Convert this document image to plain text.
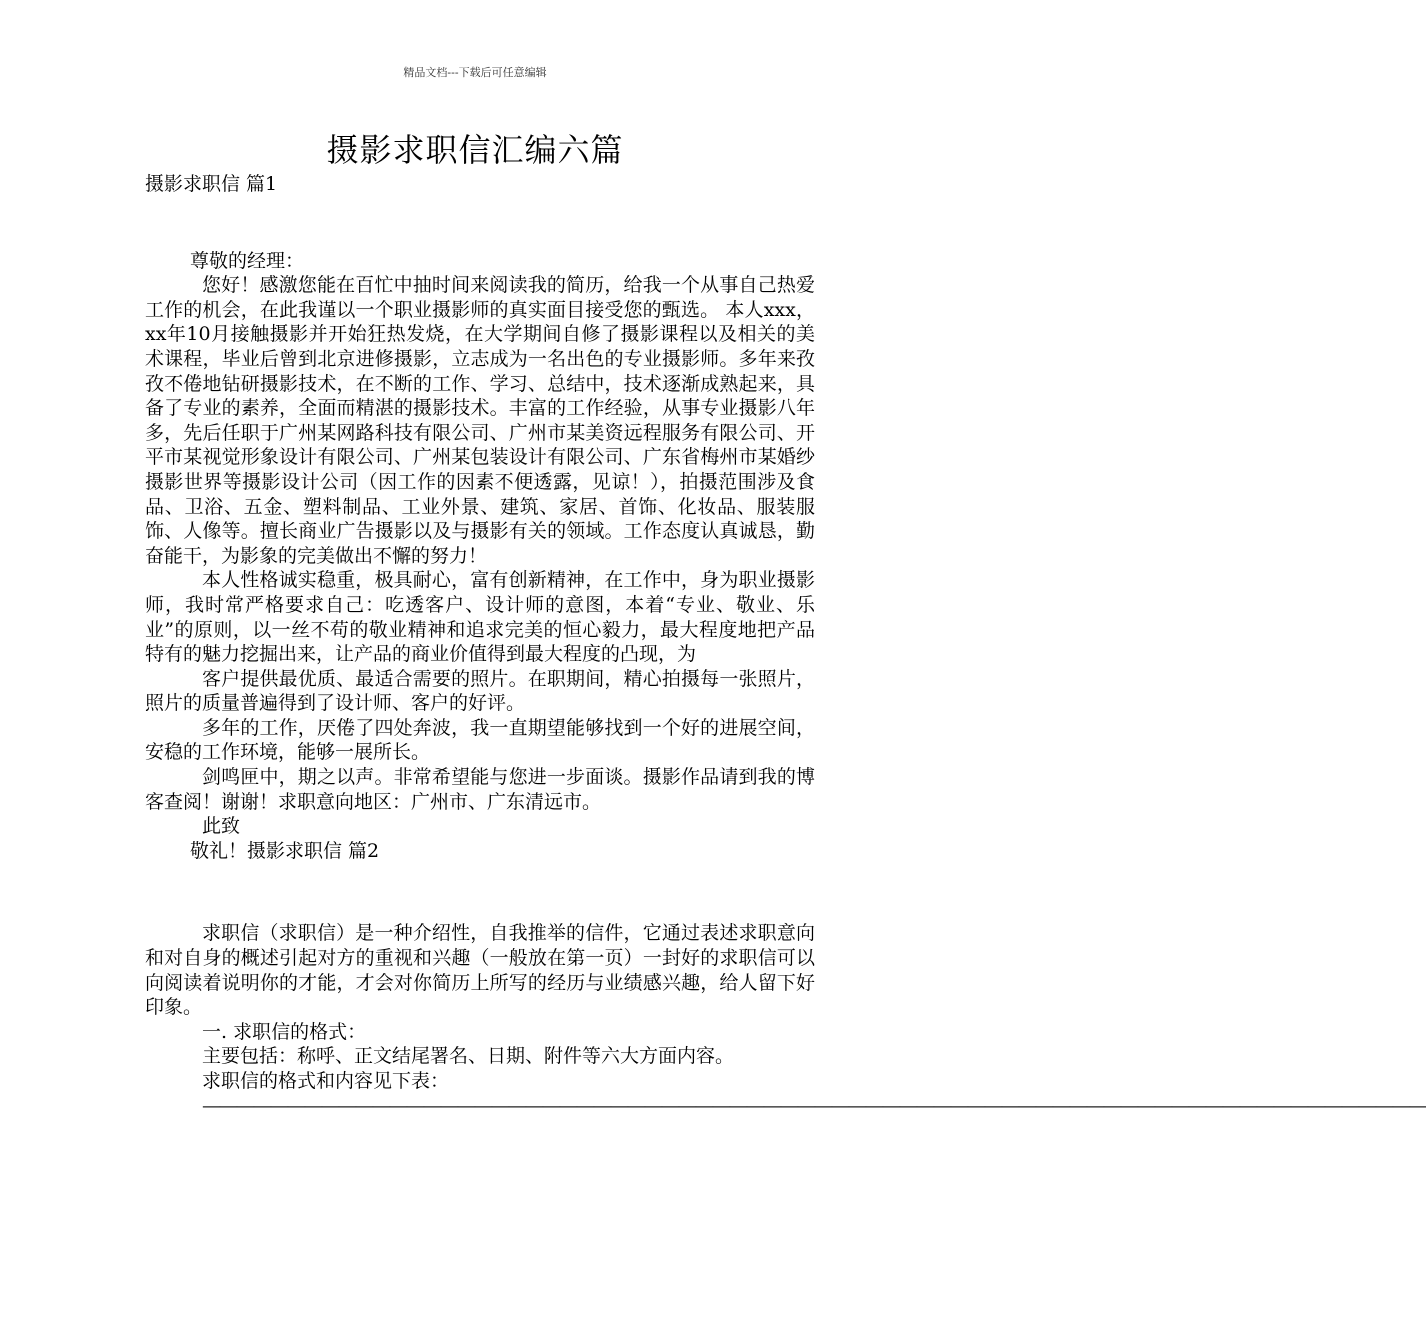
精品文档---下载后可任意编辑
摄影求职信汇编六篇
摄影求职信 篇1
尊敬的经理：
您好！感激您能在百忙中抽时间来阅读我的简历，给我一个从事自己热爱工作的机会，在此我谨以一个职业摄影师的真实面目接受您的甄选。 本人xxx，xx年10月接触摄影并开始狂热发烧，在大学期间自修了摄影课程以及相关的美术课程，毕业后曾到北京进修摄影，立志成为一名出色的专业摄影师。多年来孜孜不倦地钻研摄影技术，在不断的工作、学习、总结中，技术逐渐成熟起来，具备了专业的素养，全面而精湛的摄影技术。丰富的工作经验，从事专业摄影八年多，先后任职于广州某网路科技有限公司、广州市某美资远程服务有限公司、开平市某视觉形象设计有限公司、广州某包装设计有限公司、广东省梅州市某婚纱摄影世界等摄影设计公司（因工作的因素不便透露，见谅！），拍摄范围涉及食品、卫浴、五金、塑料制品、工业外景、建筑、家居、首饰、化妆品、服装服饰、人像等。擅长商业广告摄影以及与摄影有关的领域。工作态度认真诚恳，勤奋能干，为影象的完美做出不懈的努力！
本人性格诚实稳重，极具耐心，富有创新精神，在工作中，身为职业摄影师，我时常严格要求自己：吃透客户、设计师的意图，本着“专业、敬业、乐业”的原则，以一丝不苟的敬业精神和追求完美的恒心毅力，最大程度地把产品特有的魅力挖掘出来，让产品的商业价值得到最大程度的凸现，为
客户提供最优质、最适合需要的照片。在职期间，精心拍摄每一张照片，照片的质量普遍得到了设计师、客户的好评。
多年的工作，厌倦了四处奔波，我一直期望能够找到一个好的进展空间，安稳的工作环境，能够一展所长。
剑鸣匣中，期之以声。非常希望能与您进一步面谈。摄影作品请到我的博客查阅！谢谢！求职意向地区：广州市、广东清远市。
此致
敬礼！摄影求职信 篇2
求职信（求职信）是一种介绍性，自我推举的信件，它通过表述求职意向和对自身的概述引起对方的重视和兴趣（一般放在第一页）一封好的求职信可以向阅读着说明你的才能，才会对你简历上所写的经历与业绩感兴趣，给人留下好印象。
一. 求职信的格式：
主要包括：称呼、正文结尾署名、日期、附件等六大方面内容。
求职信的格式和内容见下表：
————————————————————————————————————————————————————————————————————————
